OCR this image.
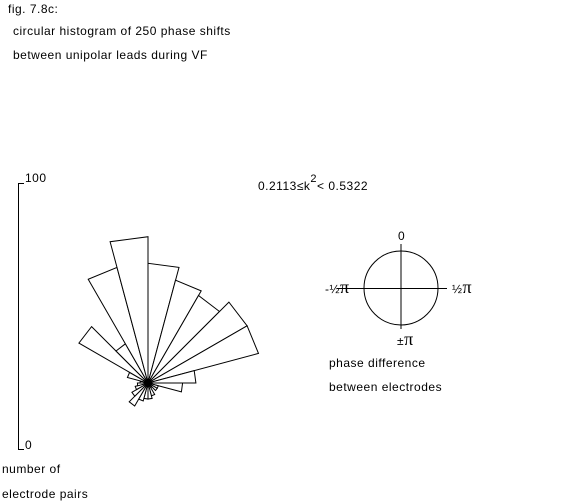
fig. 7.8c:
circular histogram of 250 phase shifts
between unipolar leads during VF
$0.2113\le k^2< 0.5322$
100
0
number of
electrode pairs
0
-½π	½π
±π
phase difference
between electrodes
